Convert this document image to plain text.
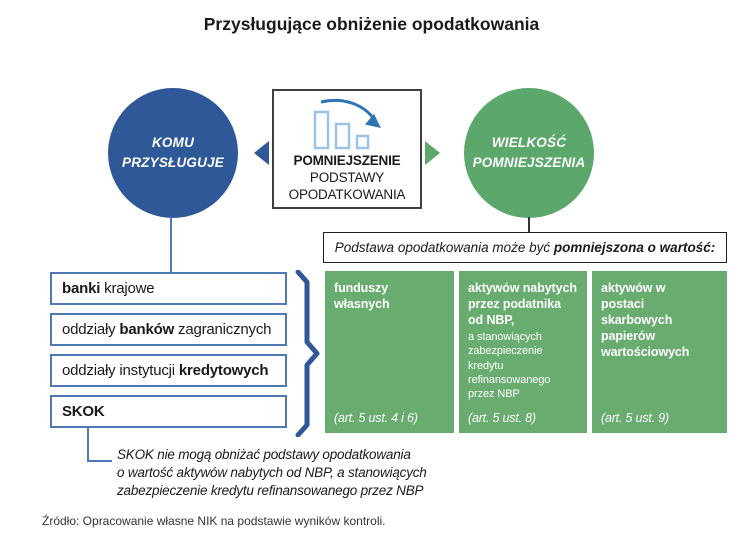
Przysługujące obniżenie opodatkowania
KOMU PRZYSŁUGUJE	POMNIEJSZENIE
PODSTAWY
OPODATKOWANIA
WIELKOŚĆ POMNIEJSZENIA
Podstawa opodatkowania może być pomniejszona o wartość:
banki krajowe
oddziały banków zagranicznych
oddziały instytucji kredytowych
SKOK
funduszy własnych
(art. 5 ust. 4 i 6)
aktywów nabytych przez podatnika od NBP,
a stanowiących zabezpieczenie kredytu refinansowanego przez NBP
(art. 5 ust. 8)
aktywów w postaci skarbowych papierów wartościowych
(art. 5 ust. 9)
SKOK nie mogą obniżać podstawy opodatkowania
o wartość aktywów nabytych od NBP, a stanowiących
zabezpieczenie kredytu refinansowanego przez NBP
Źródło: Opracowanie własne NIK na podstawie wyników kontroli.
